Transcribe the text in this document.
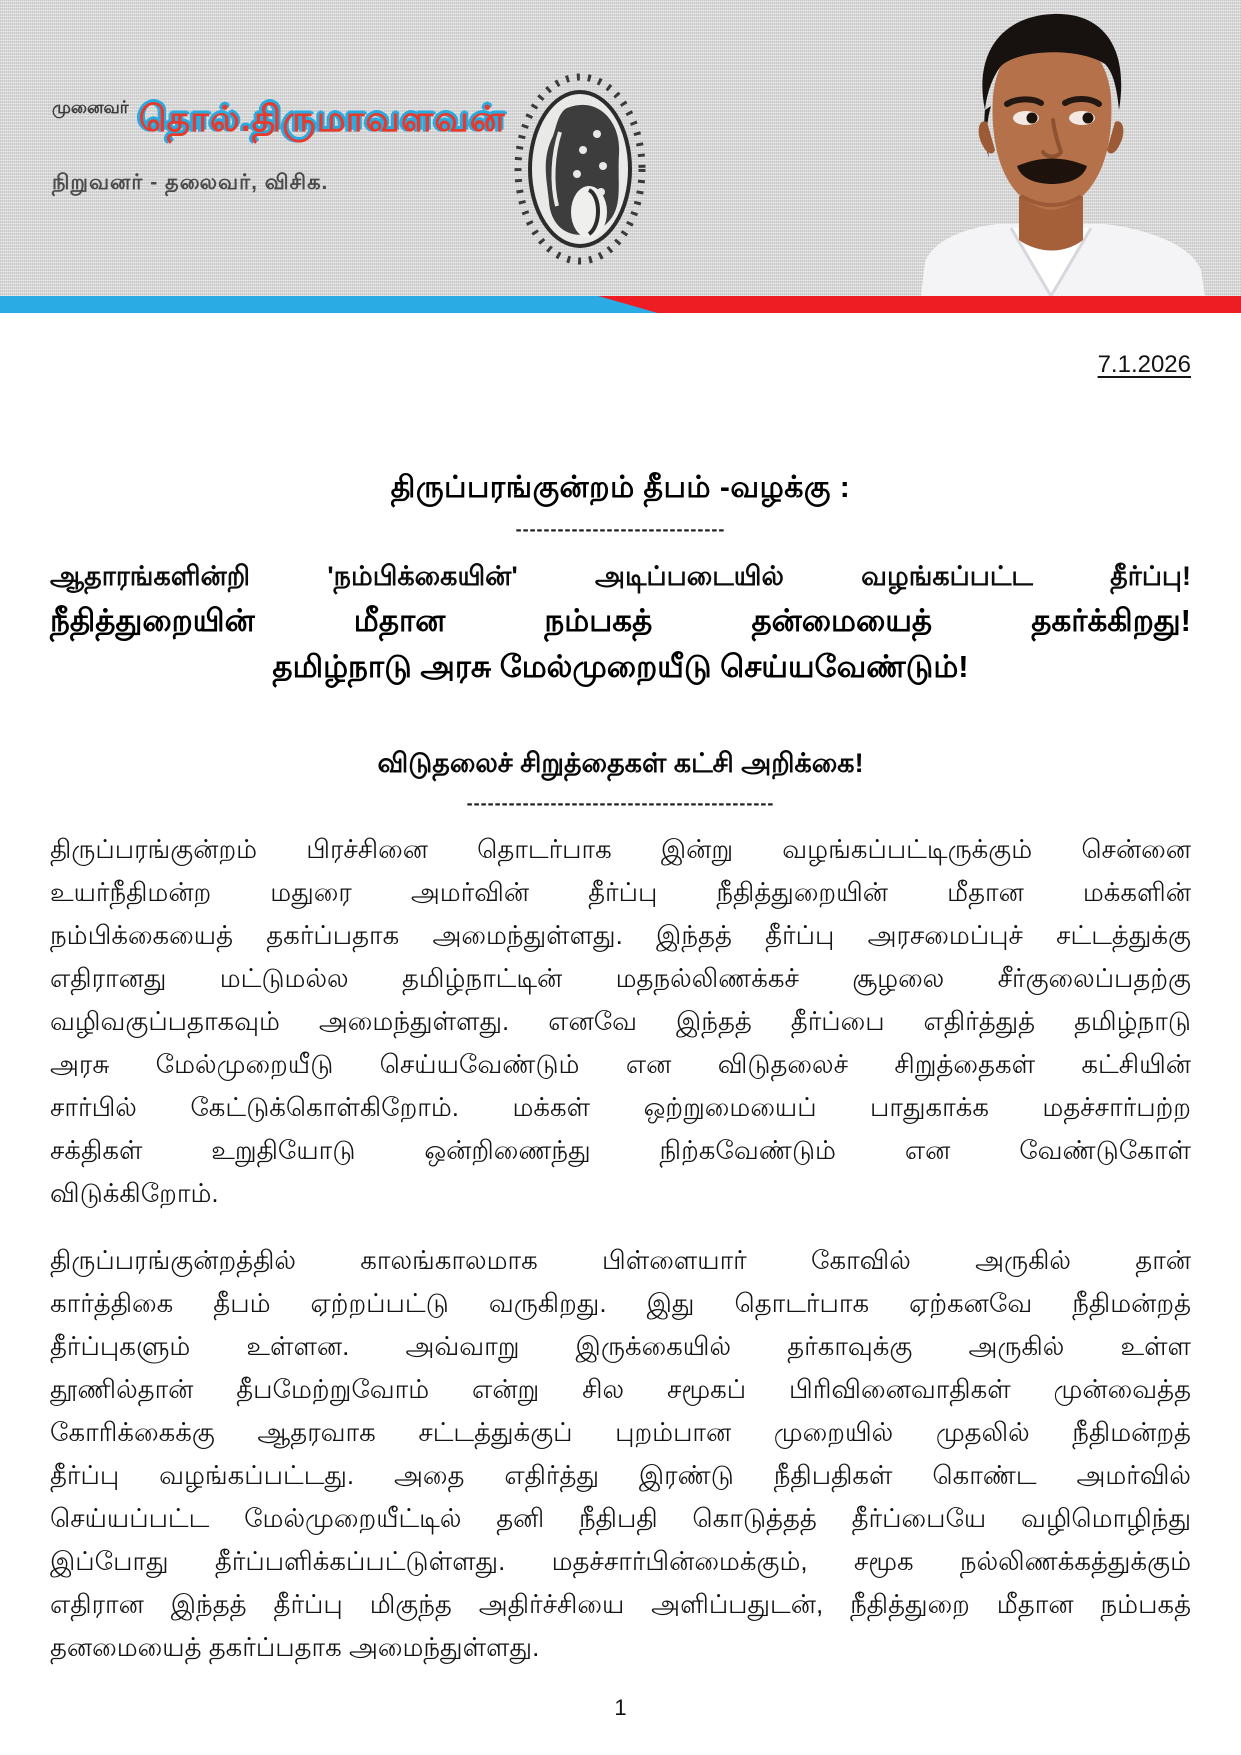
முனைவர் தொல்.திருமாவளவன்
நிறுவனர் - தலைவர், விசிக.
7.1.2026
திருப்பரங்குன்றம் தீபம் -வழக்கு :
------------------------------
ஆதாரங்களின்றி 'நம்பிக்கையின்' அடிப்படையில் வழங்கப்பட்ட தீர்ப்பு!
நீதித்துறையின் மீதான நம்பகத் தன்மையைத் தகர்க்கிறது!
தமிழ்நாடு அரசு மேல்முறையீடு செய்யவேண்டும்!
விடுதலைச் சிறுத்தைகள் கட்சி அறிக்கை!
--------------------------------------------
திருப்பரங்குன்றம் பிரச்சினை தொடர்பாக இன்று வழங்கப்பட்டிருக்கும் சென்னை
உயர்நீதிமன்ற மதுரை அமர்வின் தீர்ப்பு நீதித்துறையின் மீதான மக்களின்
நம்பிக்கையைத் தகர்ப்பதாக அமைந்துள்ளது. இந்தத் தீர்ப்பு அரசமைப்புச் சட்டத்துக்கு
எதிரானது மட்டுமல்ல தமிழ்நாட்டின் மதநல்லிணக்கச் சூழலை சீர்குலைப்பதற்கு
வழிவகுப்பதாகவும் அமைந்துள்ளது. எனவே இந்தத் தீர்ப்பை எதிர்த்துத் தமிழ்நாடு
அரசு மேல்முறையீடு செய்யவேண்டும் என விடுதலைச் சிறுத்தைகள் கட்சியின்
சார்பில் கேட்டுக்கொள்கிறோம். மக்கள் ஒற்றுமையைப் பாதுகாக்க மதச்சார்பற்ற
சக்திகள் உறுதியோடு ஒன்றிணைந்து நிற்கவேண்டும் என வேண்டுகோள்
விடுக்கிறோம்.
திருப்பரங்குன்றத்தில் காலங்காலமாக பிள்ளையார் கோவில் அருகில் தான்
கார்த்திகை தீபம் ஏற்றப்பட்டு வருகிறது. இது தொடர்பாக ஏற்கனவே நீதிமன்றத்
தீர்ப்புகளும் உள்ளன. அவ்வாறு இருக்கையில் தர்காவுக்கு அருகில் உள்ள
தூணில்தான் தீபமேற்றுவோம் என்று சில சமூகப் பிரிவினைவாதிகள் முன்வைத்த
கோரிக்கைக்கு ஆதரவாக சட்டத்துக்குப் புறம்பான முறையில் முதலில் நீதிமன்றத்
தீர்ப்பு வழங்கப்பட்டது. அதை எதிர்த்து இரண்டு நீதிபதிகள் கொண்ட அமர்வில்
செய்யப்பட்ட மேல்முறையீட்டில் தனி நீதிபதி கொடுத்தத் தீர்ப்பையே வழிமொழிந்து
இப்போது தீர்ப்பளிக்கப்பட்டுள்ளது. மதச்சார்பின்மைக்கும், சமூக நல்லிணக்கத்துக்கும்
எதிரான இந்தத் தீர்ப்பு மிகுந்த அதிர்ச்சியை அளிப்பதுடன், நீதித்துறை மீதான நம்பகத்
தனமையைத் தகர்ப்பதாக அமைந்துள்ளது.
1
